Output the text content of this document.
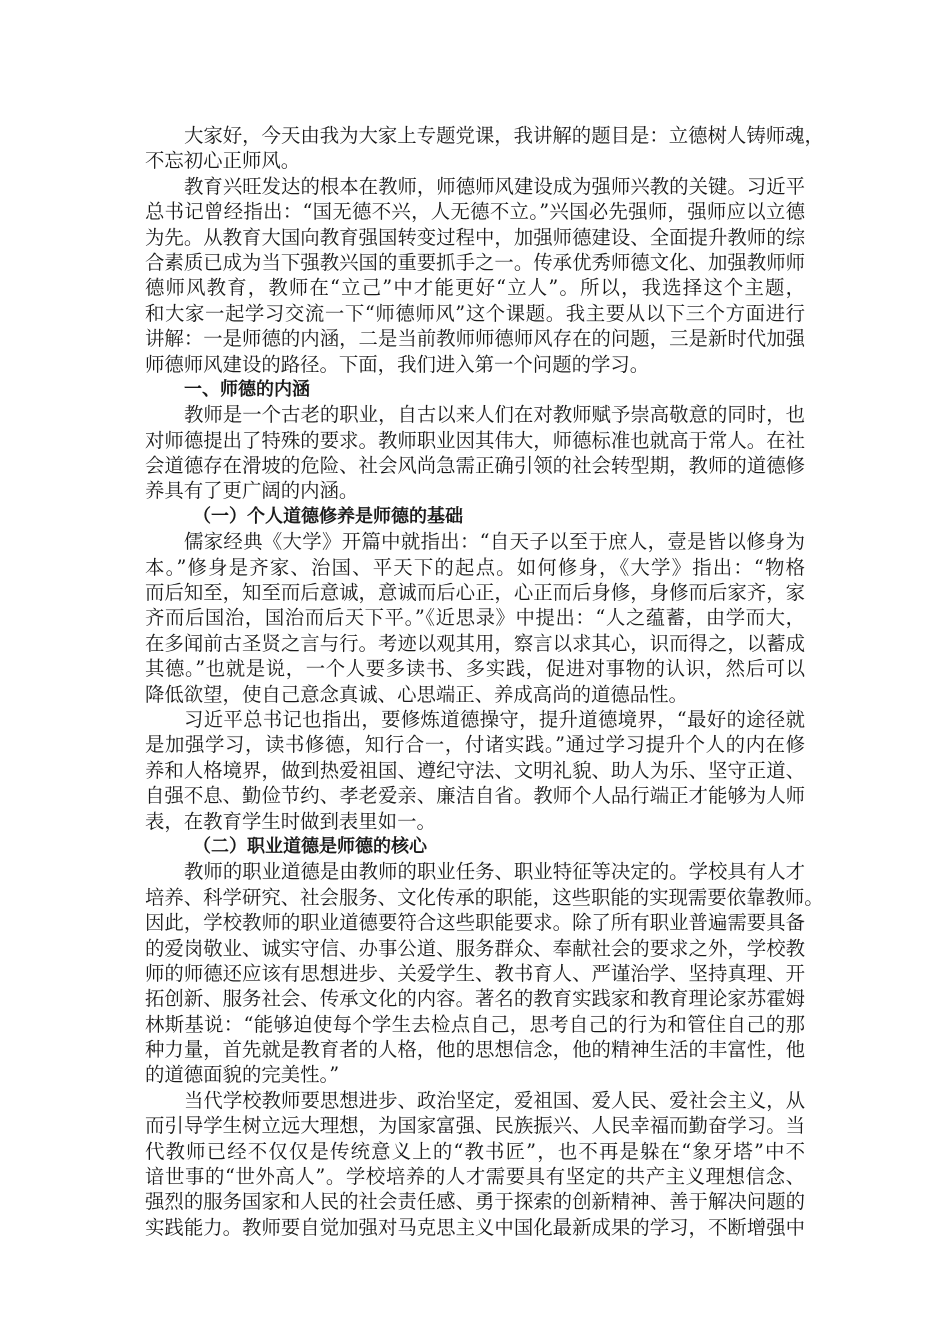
大家好，今天由我为大家上专题党课，我讲解的题目是：立德树人铸师魂，
不忘初心正师风。
教育兴旺发达的根本在教师，师德师风建设成为强师兴教的关键。习近平
总书记曾经指出：“国无德不兴，人无德不立。”兴国必先强师，强师应以立德
为先。从教育大国向教育强国转变过程中，加强师德建设、全面提升教师的综
合素质已成为当下强教兴国的重要抓手之一。传承优秀师德文化、加强教师师
德师风教育，教师在“立己”中才能更好“立人”。所以，我选择这个主题，
和大家一起学习交流一下“师德师风”这个课题。我主要从以下三个方面进行
讲解：一是师德的内涵，二是当前教师师德师风存在的问题，三是新时代加强
师德师风建设的路径。下面，我们进入第一个问题的学习。
一、师德的内涵
教师是一个古老的职业，自古以来人们在对教师赋予崇高敬意的同时，也
对师德提出了特殊的要求。教师职业因其伟大，师德标准也就高于常人。在社
会道德存在滑坡的危险、社会风尚急需正确引领的社会转型期，教师的道德修
养具有了更广阔的内涵。
（一）个人道德修养是师德的基础
儒家经典《大学》开篇中就指出：“自天子以至于庶人，壹是皆以修身为
本。”修身是齐家、治国、平天下的起点。如何修身，《大学》指出：“物格
而后知至，知至而后意诚，意诚而后心正，心正而后身修，身修而后家齐，家
齐而后国治，国治而后天下平。”《近思录》中提出：“人之蕴蓄，由学而大，
在多闻前古圣贤之言与行。考迹以观其用，察言以求其心，识而得之，以蓄成
其德。”也就是说，一个人要多读书、多实践，促进对事物的认识，然后可以
降低欲望，使自己意念真诚、心思端正、养成高尚的道德品性。
习近平总书记也指出，要修炼道德操守，提升道德境界，“最好的途径就
是加强学习，读书修德，知行合一，付诸实践。”通过学习提升个人的内在修
养和人格境界，做到热爱祖国、遵纪守法、文明礼貌、助人为乐、坚守正道、
自强不息、勤俭节约、孝老爱亲、廉洁自省。教师个人品行端正才能够为人师
表，在教育学生时做到表里如一。
（二）职业道德是师德的核心
教师的职业道德是由教师的职业任务、职业特征等决定的。学校具有人才
培养、科学研究、社会服务、文化传承的职能，这些职能的实现需要依靠教师。
因此，学校教师的职业道德要符合这些职能要求。除了所有职业普遍需要具备
的爱岗敬业、诚实守信、办事公道、服务群众、奉献社会的要求之外，学校教
师的师德还应该有思想进步、关爱学生、教书育人、严谨治学、坚持真理、开
拓创新、服务社会、传承文化的内容。著名的教育实践家和教育理论家苏霍姆
林斯基说：“能够迫使每个学生去检点自己，思考自己的行为和管住自己的那
种力量，首先就是教育者的人格，他的思想信念，他的精神生活的丰富性，他
的道德面貌的完美性。”
当代学校教师要思想进步、政治坚定，爱祖国、爱人民、爱社会主义，从
而引导学生树立远大理想，为国家富强、民族振兴、人民幸福而勤奋学习。当
代教师已经不仅仅是传统意义上的“教书匠”，也不再是躲在“象牙塔”中不
谙世事的“世外高人”。学校培养的人才需要具有坚定的共产主义理想信念、
强烈的服务国家和人民的社会责任感、勇于探索的创新精神、善于解决问题的
实践能力。教师要自觉加强对马克思主义中国化最新成果的学习，不断增强中
